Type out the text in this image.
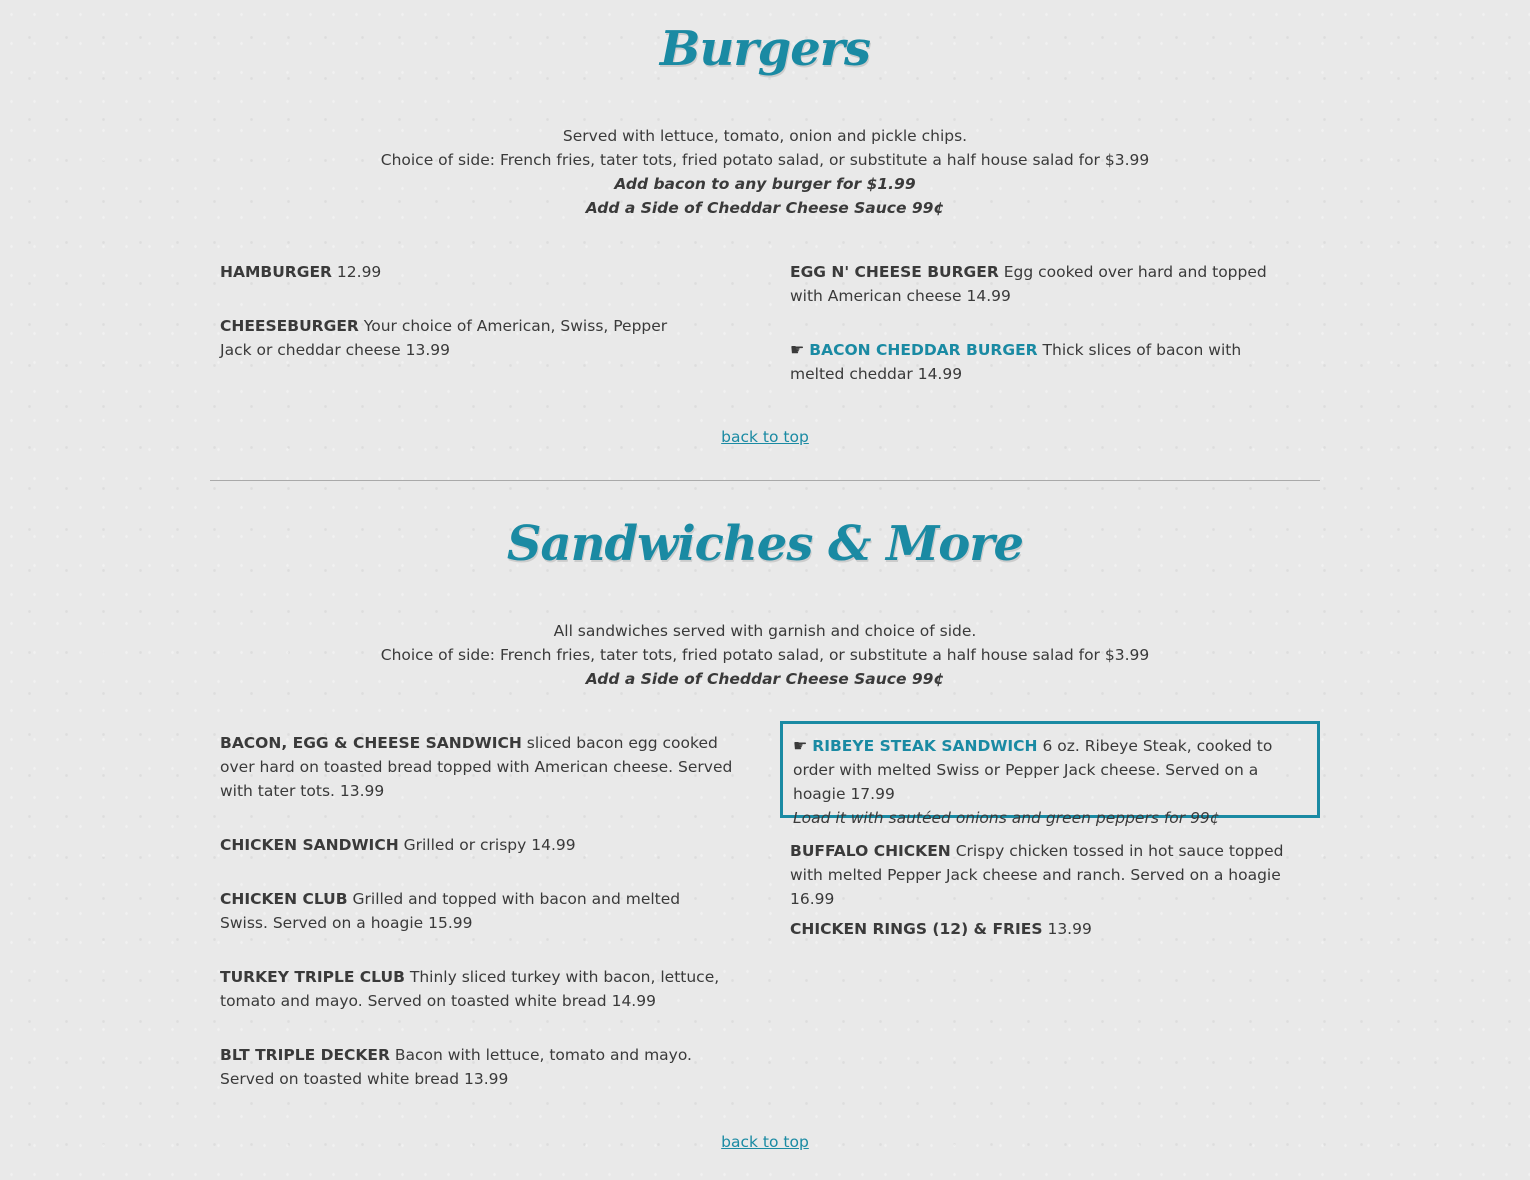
Burgers
Served with lettuce, tomato, onion and pickle chips.
Choice of side: French fries, tater tots, fried potato salad, or substitute a half house salad for $3.99
Add bacon to any burger for $1.99
Add a Side of Cheddar Cheese Sauce 99¢
HAMBURGER 12.99
CHEESEBURGER Your choice of American, Swiss, Pepper Jack or cheddar cheese 13.99
EGG N' CHEESE BURGER Egg cooked over hard and topped with American cheese 14.99
☛ BACON CHEDDAR BURGER Thick slices of bacon with melted cheddar 14.99
back to top
Sandwiches & More
All sandwiches served with garnish and choice of side.
Choice of side: French fries, tater tots, fried potato salad, or substitute a half house salad for $3.99
Add a Side of Cheddar Cheese Sauce 99¢
BACON, EGG & CHEESE SANDWICH sliced bacon egg cooked over hard on toasted bread topped with American cheese. Served with tater tots. 13.99
CHICKEN SANDWICH Grilled or crispy 14.99
CHICKEN CLUB Grilled and topped with bacon and melted Swiss. Served on a hoagie 15.99
TURKEY TRIPLE CLUB Thinly sliced turkey with bacon, lettuce, tomato and mayo. Served on toasted white bread 14.99
BLT TRIPLE DECKER Bacon with lettuce, tomato and mayo. Served on toasted white bread 13.99
☛ RIBEYE STEAK SANDWICH 6 oz. Ribeye Steak, cooked to order with melted Swiss or Pepper Jack cheese. Served on a hoagie 17.99
Load it with sautéed onions and green peppers for 99¢
BUFFALO CHICKEN Crispy chicken tossed in hot sauce topped with melted Pepper Jack cheese and ranch. Served on a hoagie 16.99
CHICKEN RINGS (12) & FRIES 13.99
back to top
